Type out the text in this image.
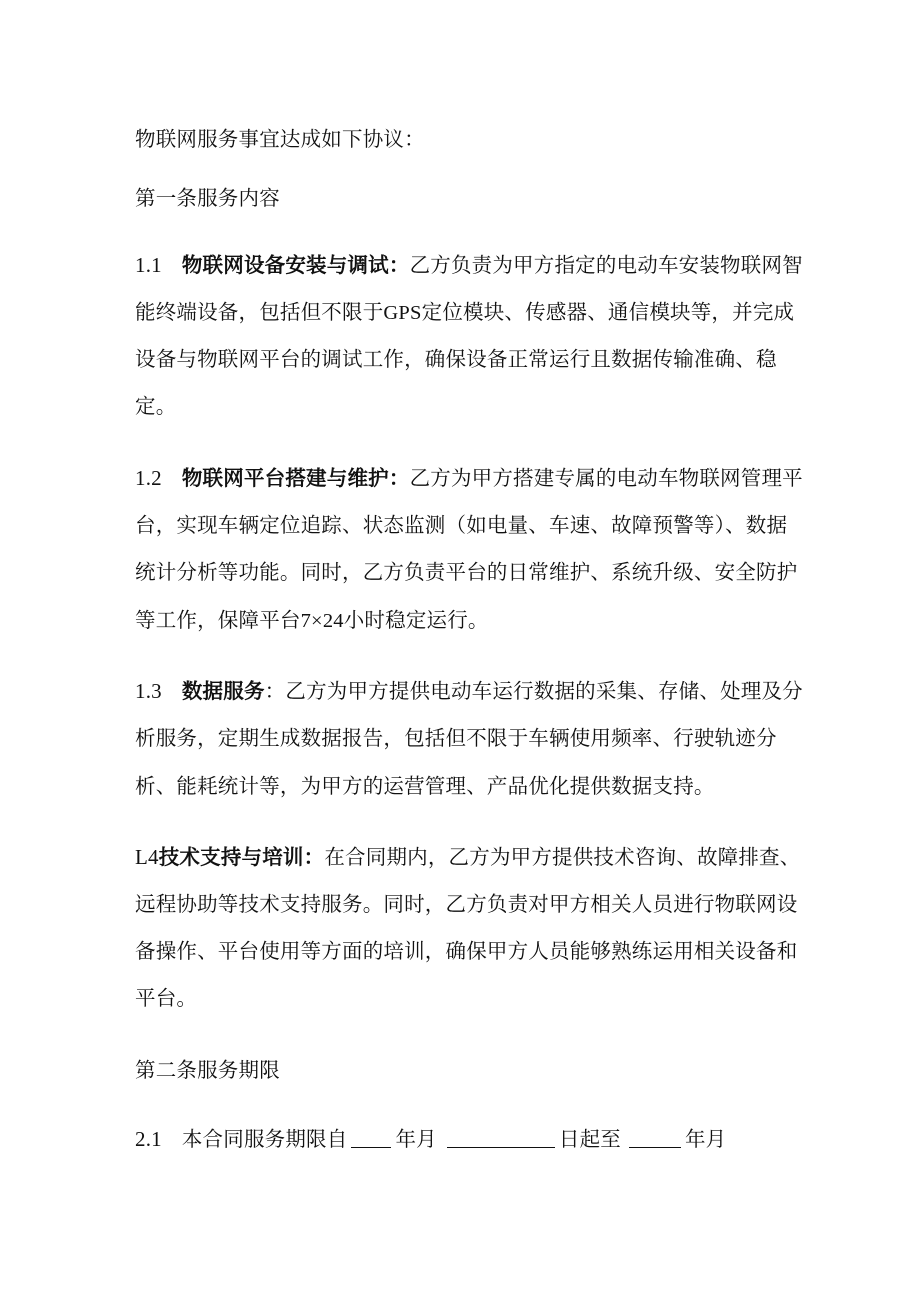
物联网服务事宜达成如下协议：
第一条服务内容
1.1 物联网设备安装与调试：乙方负责为甲方指定的电动车安装物联网智
能终端设备，包括但不限于GPS定位模块、传感器、通信模块等，并完成
设备与物联网平台的调试工作，确保设备正常运行且数据传输准确、稳
定。
1.2 物联网平台搭建与维护：乙方为甲方搭建专属的电动车物联网管理平
台，实现车辆定位追踪、状态监测（如电量、车速、故障预警等）、数据
统计分析等功能。同时，乙方负责平台的日常维护、系统升级、安全防护
等工作，保障平台7×24小时稳定运行。
1.3 数据服务：乙方为甲方提供电动车运行数据的采集、存储、处理及分
析服务，定期生成数据报告，包括但不限于车辆使用频率、行驶轨迹分
析、能耗统计等，为甲方的运营管理、产品优化提供数据支持。
L4技术支持与培训：在合同期内，乙方为甲方提供技术咨询、故障排查、
远程协助等技术支持服务。同时，乙方负责对甲方相关人员进行物联网设
备操作、平台使用等方面的培训，确保甲方人员能够熟练运用相关设备和
平台。
第二条服务期限
2.1 本合同服务期限自 年月	日起至	年月
